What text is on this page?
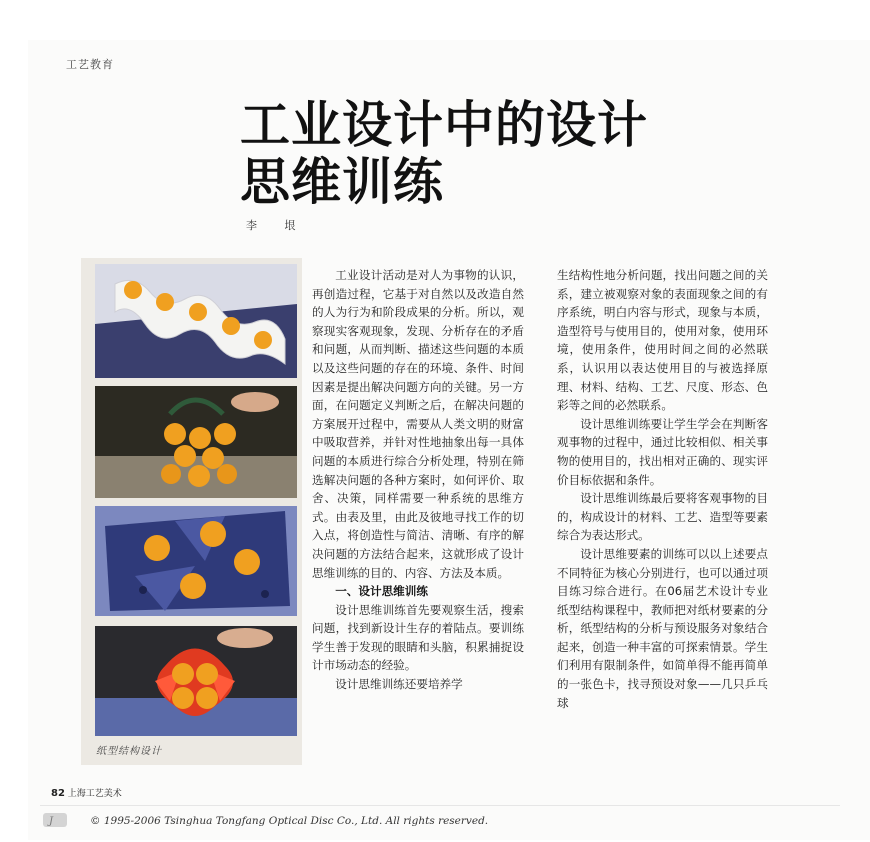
工艺教育
工业设计中的设计
思维训练
李 垠
纸型结构设计

工业设计活动是对人为事物的认识，再创造过程，它基于对自然以及改造自然的人为行为和阶段成果的分析。所以，观察现实客观现象，发现、分析存在的矛盾和问题，从而判断、描述这些问题的本质以及这些问题的存在的环境、条件、时间因素是提出解决问题方向的关键。另一方面，在问题定义判断之后，在解决问题的方案展开过程中，需要从人类文明的财富中吸取营养，并针对性地抽象出每一具体问题的本质进行综合分析处理，特别在筛选解决问题的各种方案时，如何评价、取舍、决策，同样需要一种系统的思维方式。由表及里，由此及彼地寻找工作的切入点，将创造性与简洁、清晰、有序的解决问题的方法结合起来，这就形成了设计思维训练的目的、内容、方法及本质。

一、设计思维训练

设计思维训练首先要观察生活，搜索问题，找到新设计生存的着陆点。要训练学生善于发现的眼睛和头脑，积累捕捉设计市场动态的经验。

设计思维训练还要培养学

生结构性地分析问题，找出问题之间的关系，建立被观察对象的表面现象之间的有序系统，明白内容与形式，现象与本质，造型符号与使用目的，使用对象，使用环境，使用条件，使用时间之间的必然联系，认识用以表达使用目的与被选择原理、材料、结构、工艺、尺度、形态、色彩等之间的必然联系。

设计思维训练要让学生学会在判断客观事物的过程中，通过比较相似、相关事物的使用目的，找出相对正确的、现实评价目标依据和条件。

设计思维训练最后要将客观事物的目的，构成设计的材料、工艺、造型等要素综合为表达形式。

设计思维要素的训练可以以上述要点不同特征为核心分别进行，也可以通过项目练习综合进行。在06届艺术设计专业纸型结构课程中，教师把对纸材要素的分析，纸型结构的分析与预设服务对象结合起来，创造一种丰富的可探索情景。学生们利用有限制条件，如简单得不能再简单的一张色卡，找寻预设对象——几只乒乓球

82 上海工艺美术
J	© 1995-2006 Tsinghua Tongfang Optical Disc Co., Ltd. All rights reserved.
